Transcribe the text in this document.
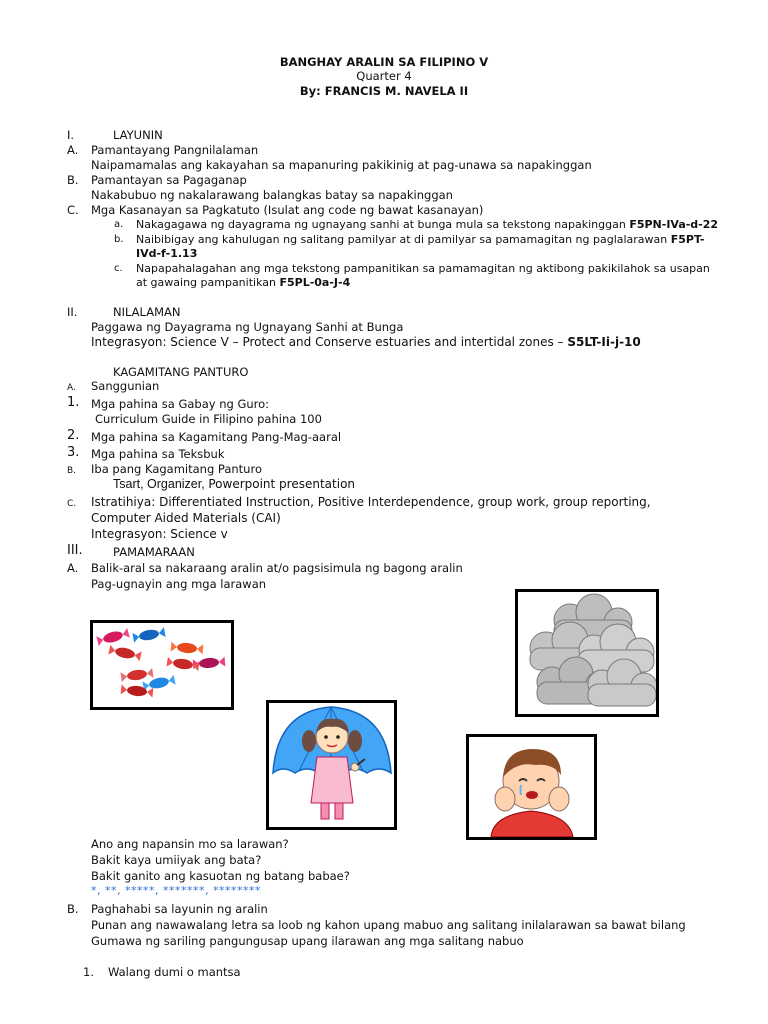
BANGHAY ARALIN SA FILIPINO V
Quarter 4
By: FRANCIS M. NAVELA II
I.	LAYUNIN
A. Pamantayang Pangnilalaman
Naipamamalas ang kakayahan sa mapanuring pakikinig at pag-unawa sa napakinggan
B. Pamantayan sa Pagaganap
Nakabubuo ng nakalarawang balangkas batay sa napakinggan
C. Mga Kasanayan sa Pagkatuto (Isulat ang code ng bawat kasanayan)
a. Nakagagawa ng dayagrama ng ugnayang sanhi at bunga mula sa tekstong napakinggan F5PN-IVa-d-22
b. Naibibigay ang kahulugan ng salitang pamilyar at di pamilyar sa pamamagitan ng paglalarawan F5PT-
IVd-f-1.13
c. Napapahalagahan ang mga tekstong pampanitikan sa pamamagitan ng aktibong pakikilahok sa usapan
at gawaing pampanitikan F5PL-0a-J-4
II.	NILALAMAN
Paggawa ng Dayagrama ng Ugnayang Sanhi at Bunga
Integrasyon: Science V – Protect and Conserve estuaries and intertidal zones – S5LT-Ii-j-10
KAGAMITANG PANTURO
A. Sanggunian
1. Mga pahina sa Gabay ng Guro:
Curriculum Guide in Filipino pahina 100
2. Mga pahina sa Kagamitang Pang-Mag-aaral
3. Mga pahina sa Teksbuk
B. Iba pang Kagamitang Panturo
Tsart, Organizer, Powerpoint presentation
C. Istratihiya: Differentiated Instruction, Positive Interdependence, group work, group reporting,
Computer Aided Materials (CAI)
Integrasyon: Science v
III.	PAMAMARAAN
A. Balik-aral sa nakaraang aralin at/o pagsisimula ng bagong aralin
Pag-ugnayin ang mga larawan
Ano ang napansin mo sa larawan?
Bakit kaya umiiyak ang bata?
Bakit ganito ang kasuotan ng batang babae?
*, **, *****, *******, ********
B. Paghahabi sa layunin ng aralin
Punan ang nawawalang letra sa loob ng kahon upang mabuo ang salitang inilalarawan sa bawat bilang
Gumawa ng sariling pangungusap upang ilarawan ang mga salitang nabuo
1. Walang dumi o mantsa
